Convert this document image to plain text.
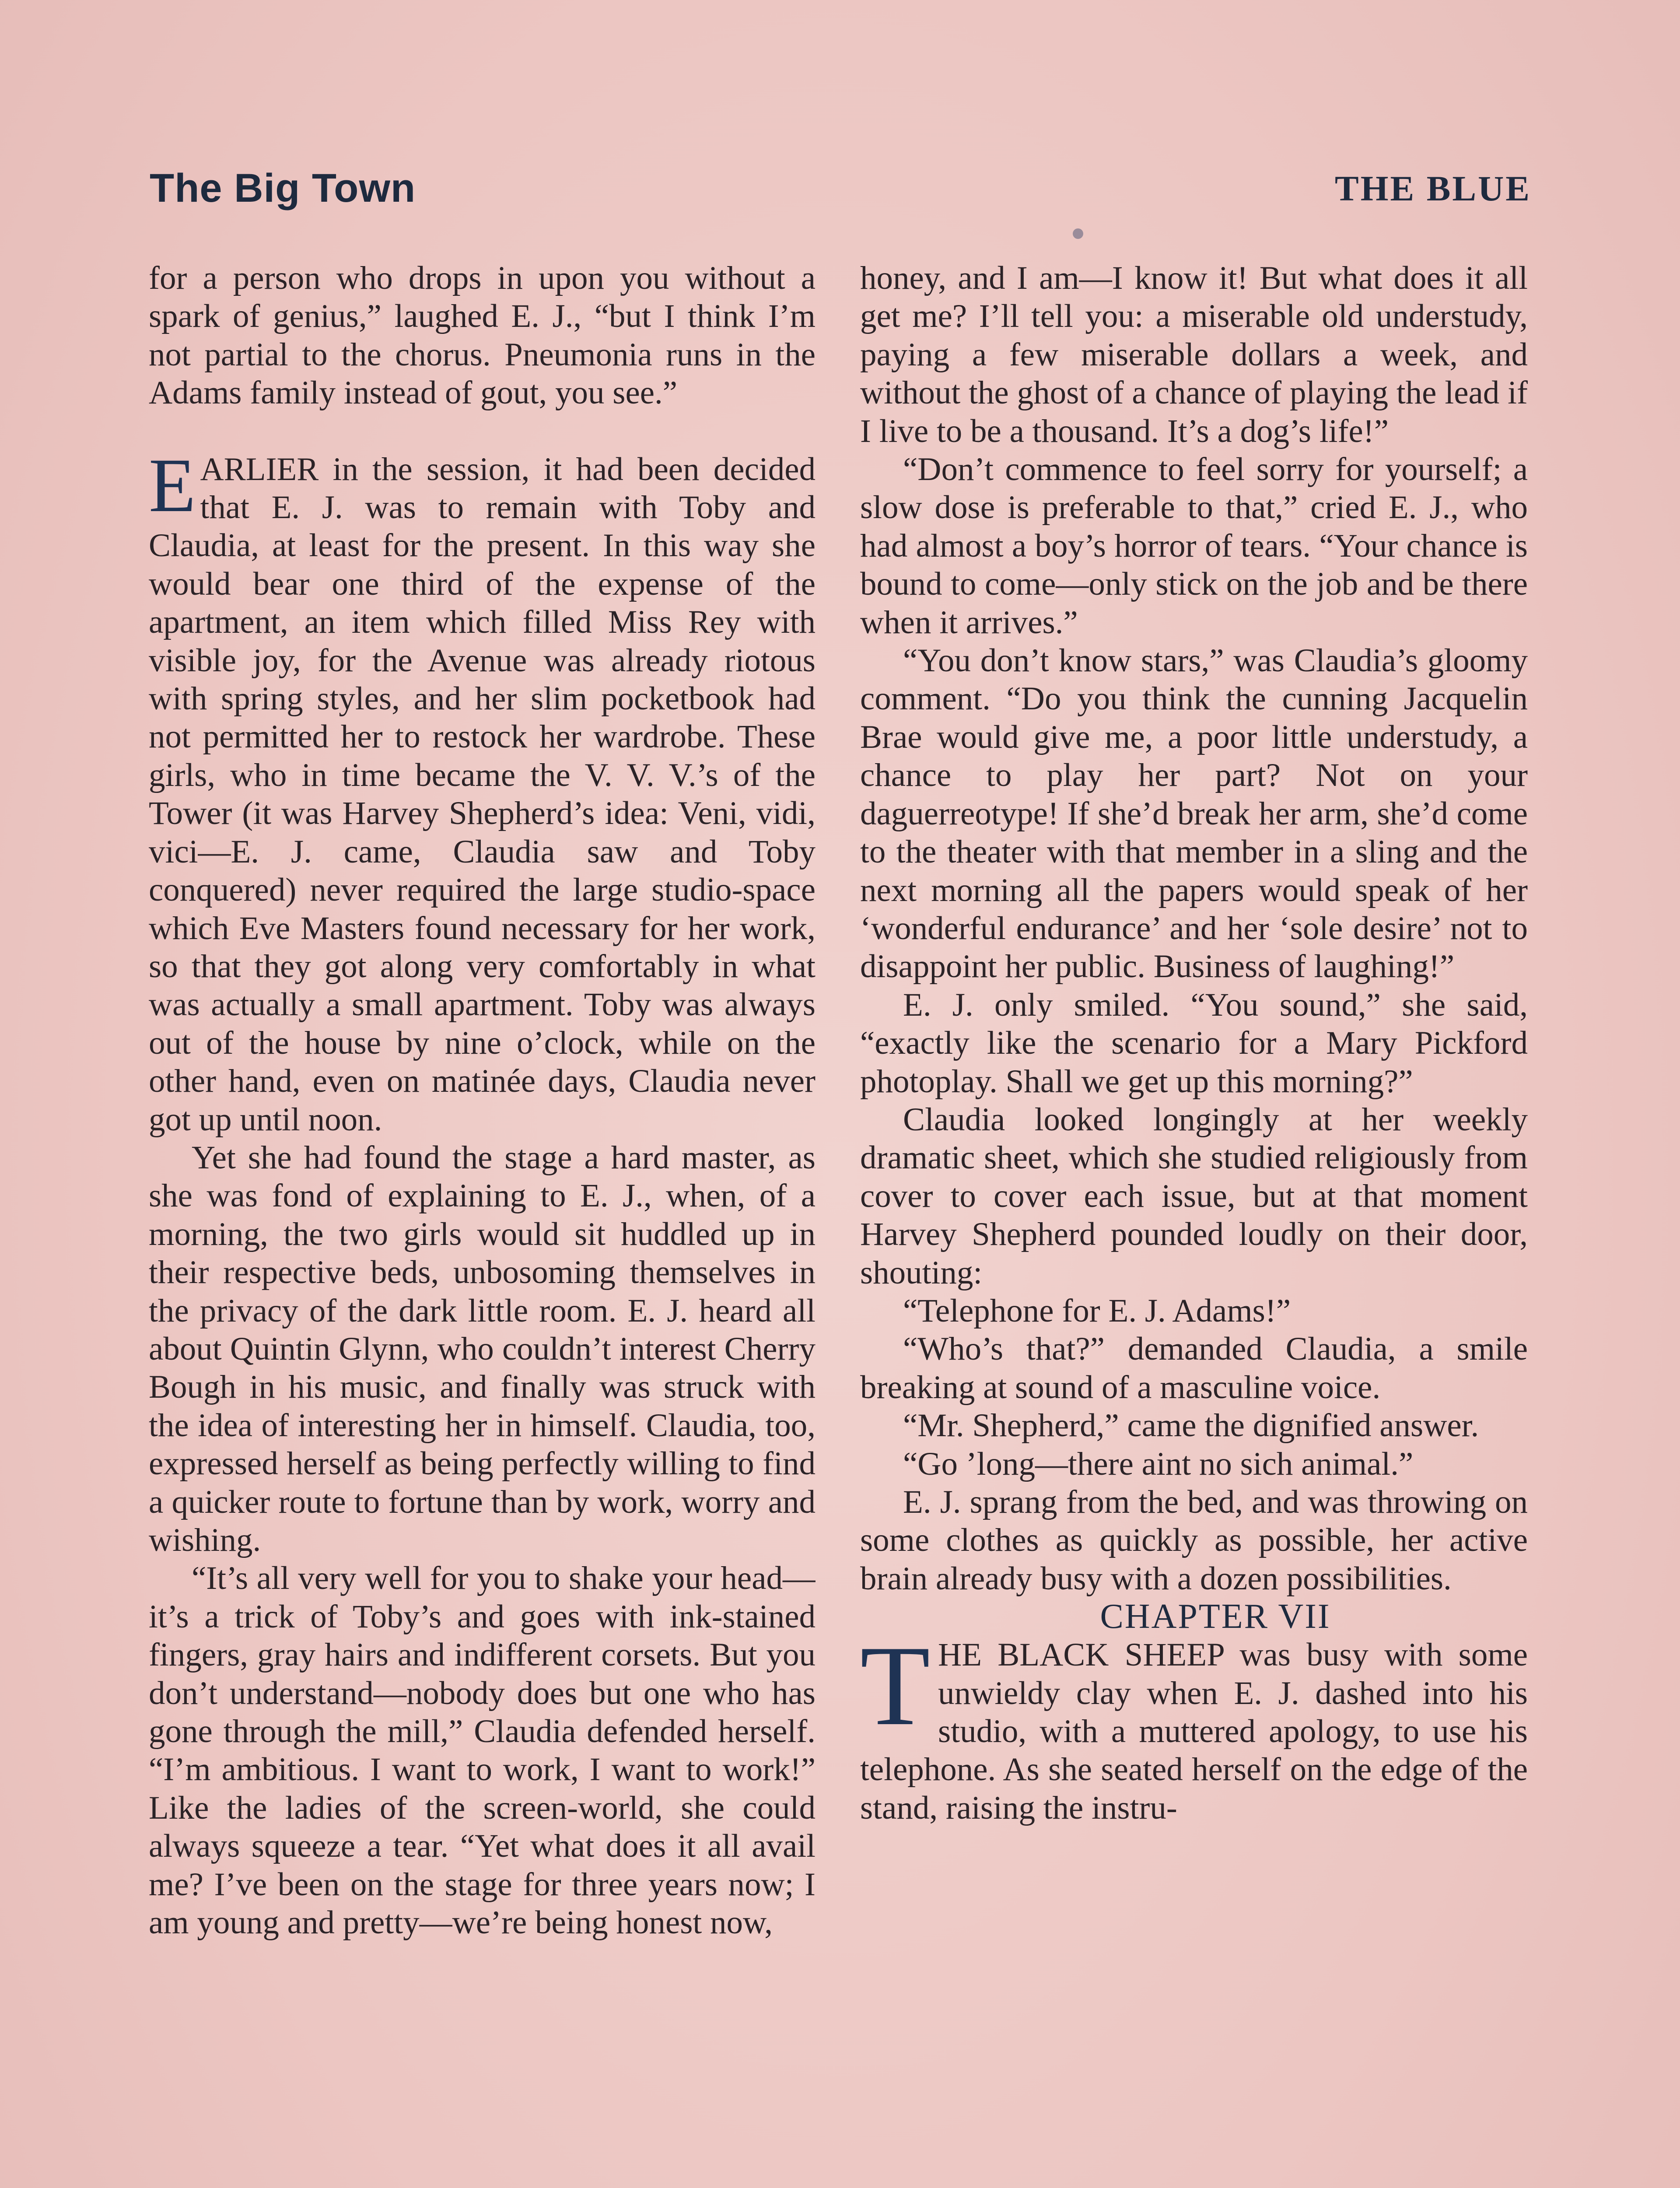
The Big Town	THE BLUE

for a person who drops in upon you without a spark of genius,” laughed E. J., “but I think I’m not partial to the chorus. Pneumonia runs in the Adams family instead of gout, you see.”

EARLIER in the session, it had been decided that E. J. was to remain with Toby and Claudia, at least for the present. In this way she would bear one third of the expense of the apartment, an item which filled Miss Rey with visible joy, for the Avenue was already riotous with spring styles, and her slim pocketbook had not permitted her to restock her wardrobe. These girls, who in time became the V. V. V.’s of the Tower (it was Harvey Shepherd’s idea: Veni, vidi, vici—E. J. came, Claudia saw and Toby conquered) never required the large studio-space which Eve Masters found necessary for her work, so that they got along very comfortably in what was actually a small apartment. Toby was always out of the house by nine o’clock, while on the other hand, even on matinée days, Claudia never got up until noon.

Yet she had found the stage a hard master, as she was fond of explaining to E. J., when, of a morning, the two girls would sit huddled up in their respective beds, unbosoming themselves in the privacy of the dark little room. E. J. heard all about Quintin Glynn, who couldn’t interest Cherry Bough in his music, and finally was struck with the idea of interesting her in himself. Claudia, too, expressed herself as being perfectly willing to find a quicker route to fortune than by work, worry and wishing.

“It’s all very well for you to shake your head—it’s a trick of Toby’s and goes with ink-stained fingers, gray hairs and indifferent corsets. But you don’t understand—nobody does but one who has gone through the mill,” Claudia defended herself. “I’m ambitious. I want to work, I want to work!” Like the ladies of the screen-world, she could always squeeze a tear. “Yet what does it all avail me? I’ve been on the stage for three years now; I am young and pretty—we’re being honest now,

honey, and I am—I know it! But what does it all get me? I’ll tell you: a miserable old understudy, paying a few miserable dollars a week, and without the ghost of a chance of playing the lead if I live to be a thousand. It’s a dog’s life!”

“Don’t commence to feel sorry for yourself; a slow dose is preferable to that,” cried E. J., who had almost a boy’s horror of tears. “Your chance is bound to come—only stick on the job and be there when it arrives.”

“You don’t know stars,” was Claudia’s gloomy comment. “Do you think the cunning Jacquelin Brae would give me, a poor little understudy, a chance to play her part? Not on your daguerreotype! If she’d break her arm, she’d come to the theater with that member in a sling and the next morning all the papers would speak of her ‘wonderful endurance’ and her ‘sole desire’ not to disappoint her public. Business of laughing!”

E. J. only smiled. “You sound,” she said, “exactly like the scenario for a Mary Pickford photoplay. Shall we get up this morning?”

Claudia looked longingly at her weekly dramatic sheet, which she studied religiously from cover to cover each issue, but at that moment Harvey Shepherd pounded loudly on their door, shouting:

“Telephone for E. J. Adams!”

“Who’s that?” demanded Claudia, a smile breaking at sound of a masculine voice.

“Mr. Shepherd,” came the dignified answer.

“Go ’long—there aint no sich animal.”

E. J. sprang from the bed, and was throwing on some clothes as quickly as possible, her active brain already busy with a dozen possibilities.

CHAPTER VII

THE BLACK SHEEP was busy with some unwieldy clay when E. J. dashed into his studio, with a muttered apology, to use his telephone. As she seated herself on the edge of the stand, raising the instru-
